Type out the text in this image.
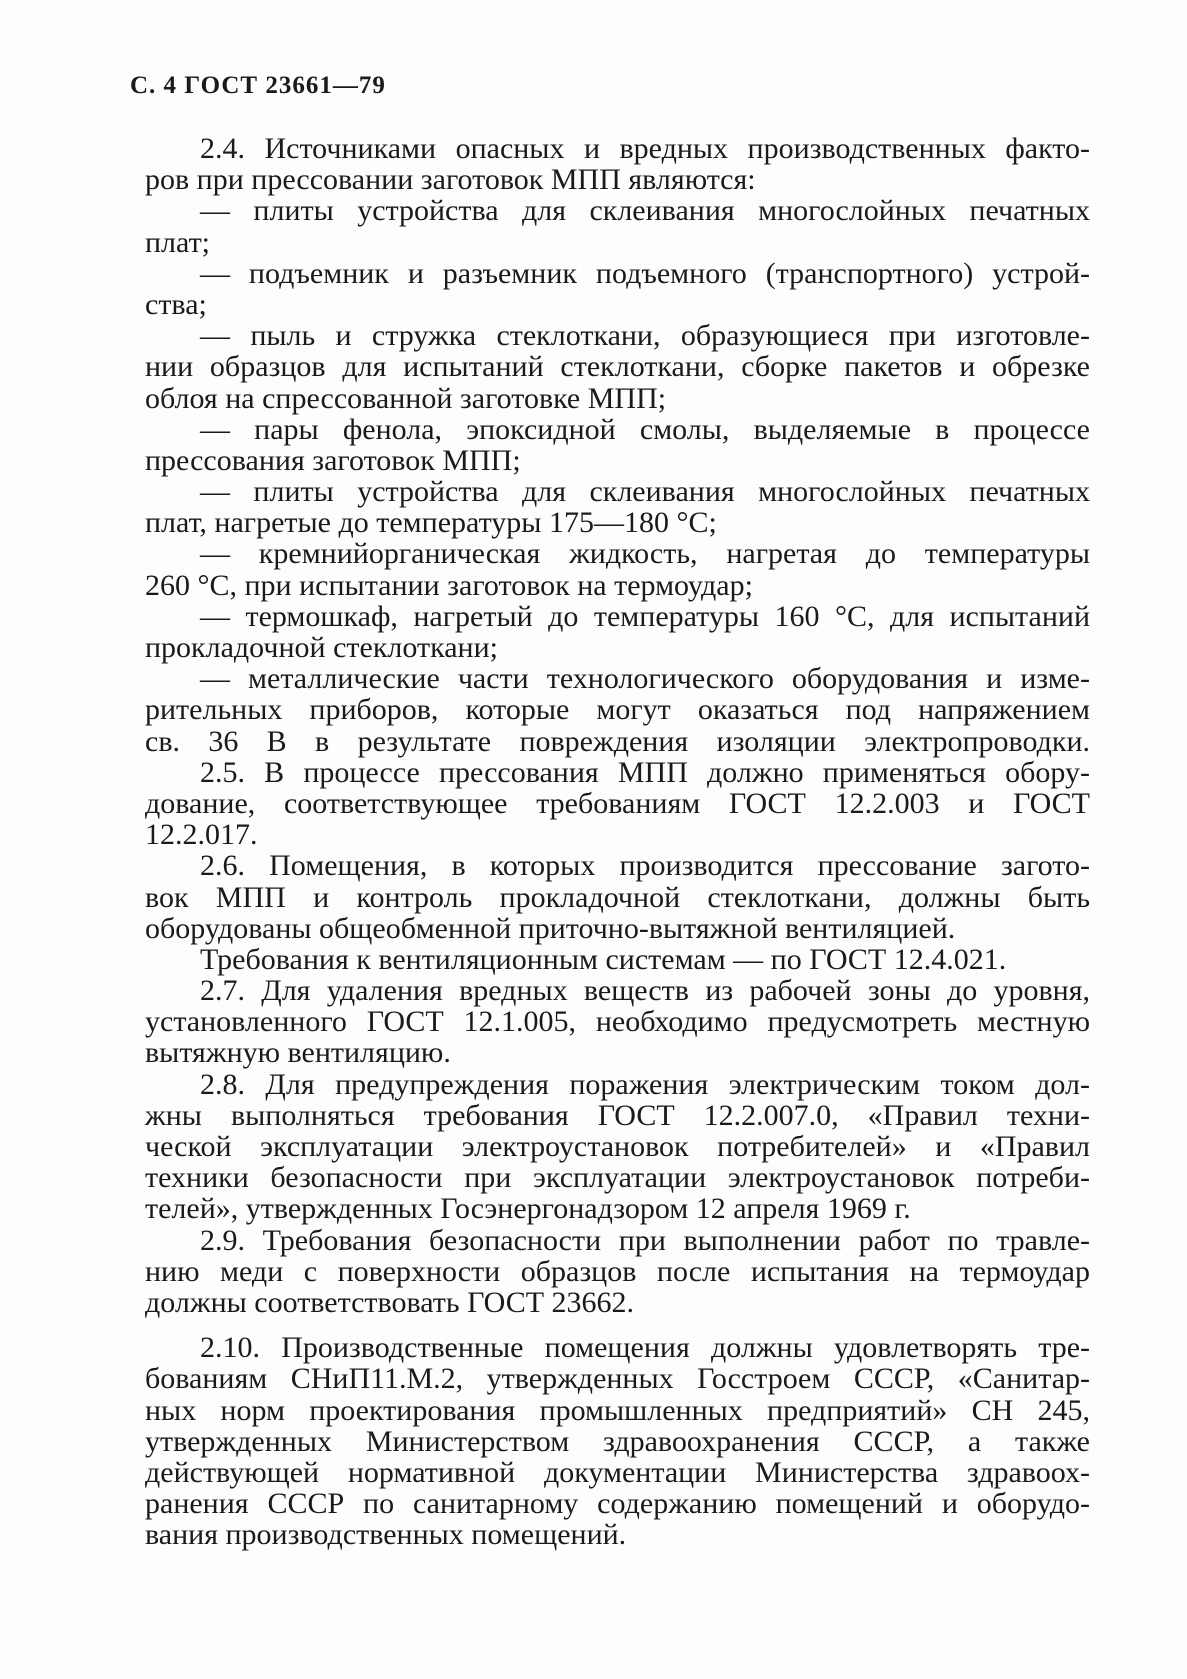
С. 4 ГОСТ 23661—79
2.4. Источниками опасных и вредных производственных факто-
ров при прессовании заготовок МПП являются:
— плиты устройства для склеивания многослойных печатных
плат;
— подъемник и разъемник подъемного (транспортного) устрой-
ства;
— пыль и стружка стеклоткани, образующиеся при изготовле-
нии образцов для испытаний стеклоткани, сборке пакетов и обрезке
облоя на спрессованной заготовке МПП;
— пары фенола, эпоксидной смолы, выделяемые в процессе
прессования заготовок МПП;
— плиты устройства для склеивания многослойных печатных
плат, нагретые до температуры 175—180 °С;
— кремнийорганическая жидкость, нагретая до температуры
260 °С, при испытании заготовок на термоудар;
— термошкаф, нагретый до температуры 160 °С, для испытаний
прокладочной стеклоткани;
— металлические части технологического оборудования и изме-
рительных приборов, которые могут оказаться под напряжением
св. 36 В в результате повреждения изоляции электропроводки.
2.5. В процессе прессования МПП должно применяться обору-
дование, соответствующее требованиям ГОСТ 12.2.003 и ГОСТ
12.2.017.
2.6. Помещения, в которых производится прессование загото-
вок МПП и контроль прокладочной стеклоткани, должны быть
оборудованы общеобменной приточно-вытяжной вентиляцией.
Требования к вентиляционным системам — по ГОСТ 12.4.021.
2.7. Для удаления вредных веществ из рабочей зоны до уровня,
установленного ГОСТ 12.1.005, необходимо предусмотреть местную
вытяжную вентиляцию.
2.8. Для предупреждения поражения электрическим током дол-
жны выполняться требования ГОСТ 12.2.007.0, «Правил техни-
ческой эксплуатации электроустановок потребителей» и «Правил
техники безопасности при эксплуатации электроустановок потреби-
телей», утвержденных Госэнергонадзором 12 апреля 1969 г.
2.9. Требования безопасности при выполнении работ по травле-
нию меди с поверхности образцов после испытания на термоудар
должны соответствовать ГОСТ 23662.
2.10. Производственные помещения должны удовлетворять тре-
бованиям СНиП11.М.2, утвержденных Госстроем СССР, «Санитар-
ных норм проектирования промышленных предприятий» СН 245,
утвержденных Министерством здравоохранения СССР, а также
действующей нормативной документации Министерства здравоох-
ранения СССР по санитарному содержанию помещений и оборудо-
вания производственных помещений.
